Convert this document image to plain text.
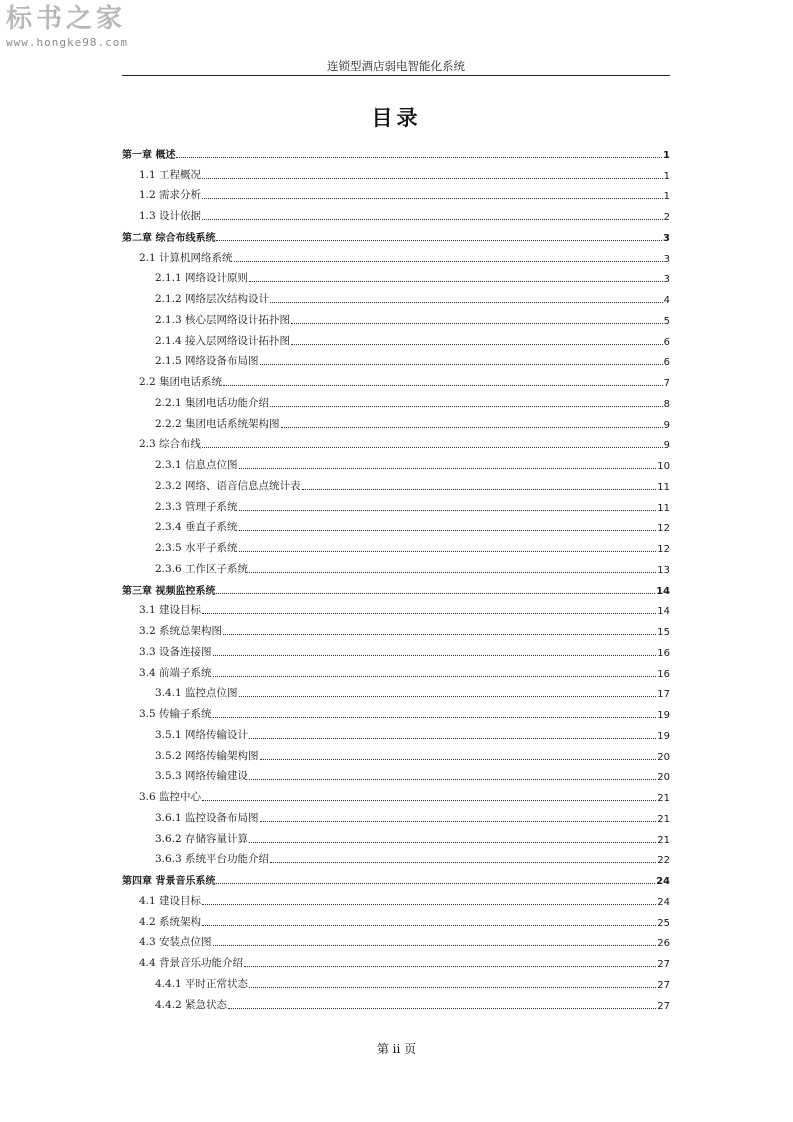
标书之家
www.hongke98.com
连锁型酒店弱电智能化系统
目录
第一章 概述	1
1.1 工程概况	1
1.2 需求分析	1
1.3 设计依据	2
第二章 综合布线系统	3
2.1 计算机网络系统	3
2.1.1 网络设计原则	3
2.1.2 网络层次结构设计	4
2.1.3 核心层网络设计拓扑图	5
2.1.4 接入层网络设计拓扑图	6
2.1.5 网络设备布局图	6
2.2 集团电话系统	7
2.2.1 集团电话功能介绍	8
2.2.2 集团电话系统架构图	9
2.3 综合布线	9
2.3.1 信息点位图	10
2.3.2 网络、语音信息点统计表	11
2.3.3 管理子系统	11
2.3.4 垂直子系统	12
2.3.5 水平子系统	12
2.3.6 工作区子系统	13
第三章 视频监控系统	14
3.1 建设目标	14
3.2 系统总架构图	15
3.3 设备连接图	16
3.4 前端子系统	16
3.4.1 监控点位图	17
3.5 传输子系统	19
3.5.1 网络传输设计	19
3.5.2 网络传输架构图	20
3.5.3 网络传输建设	20
3.6 监控中心	21
3.6.1 监控设备布局图	21
3.6.2 存储容量计算	21
3.6.3 系统平台功能介绍	22
第四章 背景音乐系统	24
4.1 建设目标	24
4.2 系统架构	25
4.3 安装点位图	26
4.4 背景音乐功能介绍	27
4.4.1 平时正常状态	27
4.4.2 紧急状态	27
第 ii 页
